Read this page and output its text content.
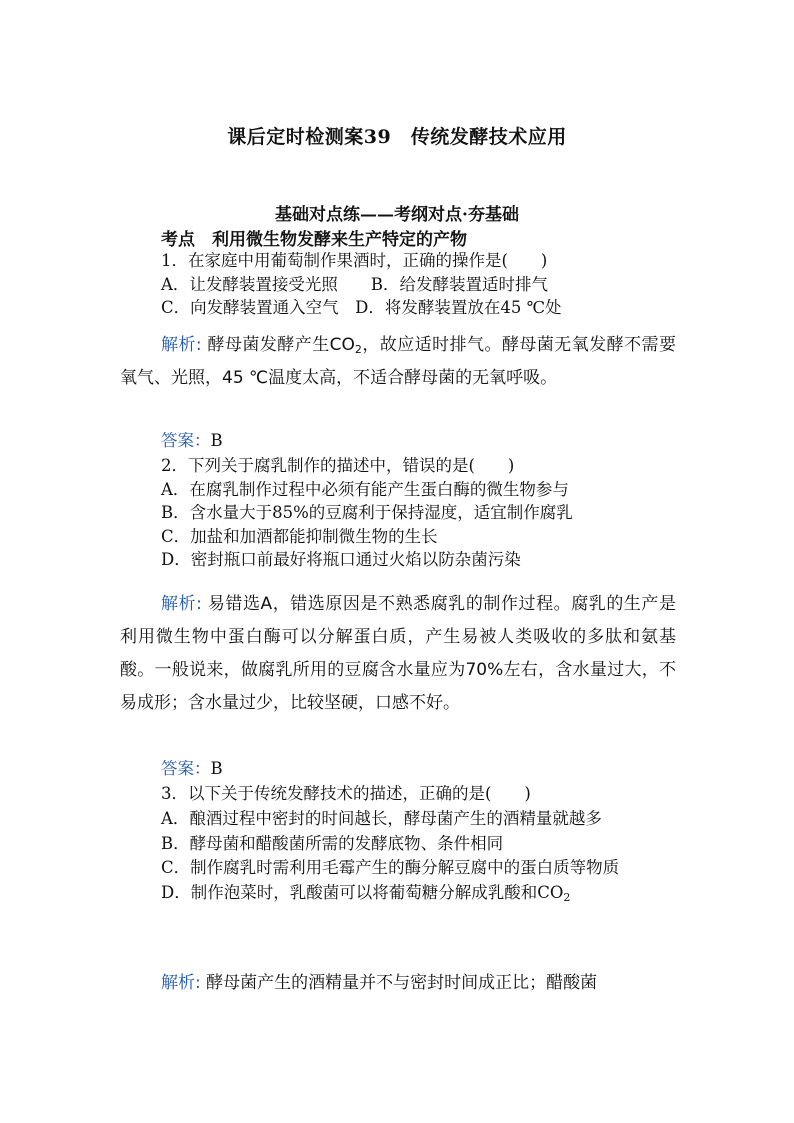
课后定时检测案39　传统发酵技术应用
基础对点练——考纲对点·夯基础
考点　利用微生物发酵来生产特定的产物
1．在家庭中用葡萄制作果酒时，正确的操作是(　　)
A．让发酵装置接受光照　　B．给发酵装置适时排气
C．向发酵装置通入空气　D．将发酵装置放在45 ℃处
解析: 酵母菌发酵产生$CO_2$，故应适时排气。酵母菌无氧发酵不需要氧气、光照，45 ℃温度太高，不适合酵母菌的无氧呼吸。
答案：B
2．下列关于腐乳制作的描述中，错误的是(　　)
A．在腐乳制作过程中必须有能产生蛋白酶的微生物参与
B．含水量大于85%的豆腐利于保持湿度，适宜制作腐乳
C．加盐和加酒都能抑制微生物的生长
D．密封瓶口前最好将瓶口通过火焰以防杂菌污染
解析: 易错选A，错选原因是不熟悉腐乳的制作过程。腐乳的生产是利用微生物中蛋白酶可以分解蛋白质，产生易被人类吸收的多肽和氨基酸。一般说来，做腐乳所用的豆腐含水量应为70%左右，含水量过大，不易成形；含水量过少，比较坚硬，口感不好。
答案：B
3．以下关于传统发酵技术的描述，正确的是(　　)
A．酿酒过程中密封的时间越长，酵母菌产生的酒精量就越多
B．酵母菌和醋酸菌所需的发酵底物、条件相同
C．制作腐乳时需利用毛霉产生的酶分解豆腐中的蛋白质等物质
D．制作泡菜时，乳酸菌可以将葡萄糖分解成乳酸和$CO_2$
解析: 酵母菌产生的酒精量并不与密封时间成正比；醋酸菌
